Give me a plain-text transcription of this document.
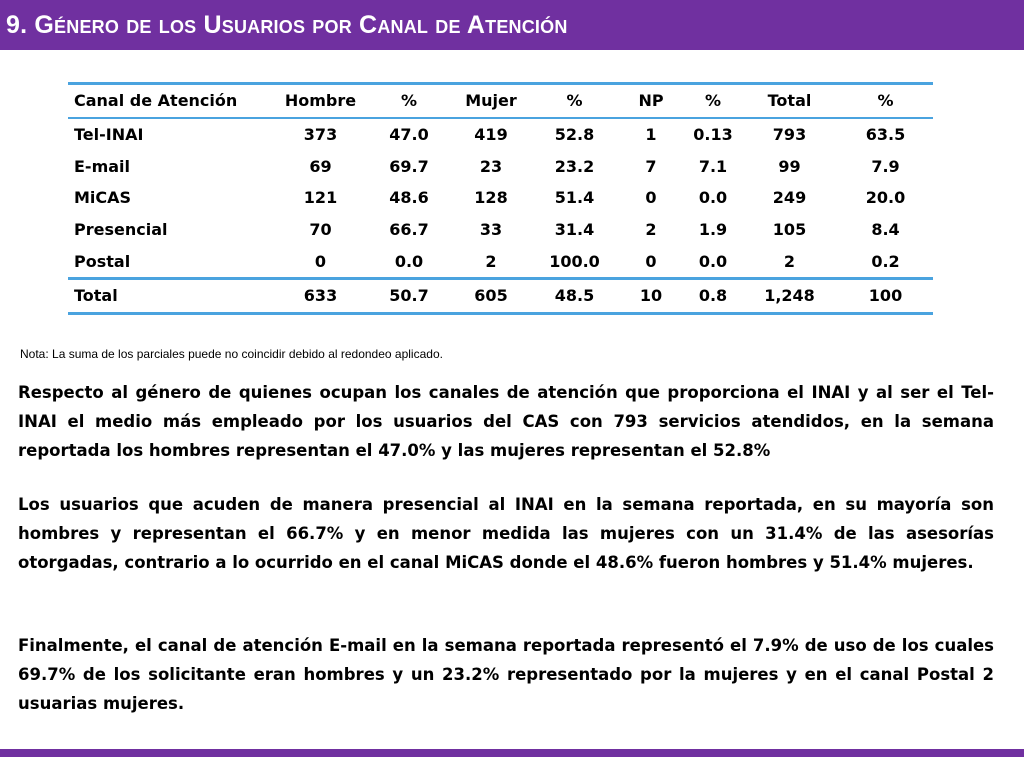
9. Género de los Usuarios por Canal de Atención
Canal de Atención	Hombre	%	Mujer	%	NP	%	Total	%
Tel-INAI	373	47.0	419	52.8	1	0.13	793	63.5
E-mail	69	69.7	23	23.2	7	7.1	99	7.9
MiCAS	121	48.6	128	51.4	0	0.0	249	20.0
Presencial	70	66.7	33	31.4	2	1.9	105	8.4
Postal	0	0.0	2	100.0	0	0.0	2	0.2
Total	633	50.7	605	48.5	10	0.8	1,248	100
Nota: La suma de los parciales puede no coincidir debido al redondeo aplicado.

Respecto al género de quienes ocupan los canales de atención que proporciona el INAI y al ser el Tel-INAI el medio más empleado por los usuarios del CAS con 793 servicios atendidos, en la semana reportada los hombres representan el 47.0% y las mujeres representan el 52.8%

Los usuarios que acuden de manera presencial al INAI en la semana reportada, en su mayoría son hombres y representan el 66.7% y en menor medida las mujeres con un 31.4% de las asesorías otorgadas, contrario a lo ocurrido en el canal MiCAS donde el 48.6% fueron hombres y 51.4% mujeres.

Finalmente, el canal de atención E-mail en la semana reportada representó el 7.9% de uso de los cuales 69.7% de los solicitante eran hombres y un 23.2% representado por la mujeres y en el canal Postal 2 usuarias mujeres.
